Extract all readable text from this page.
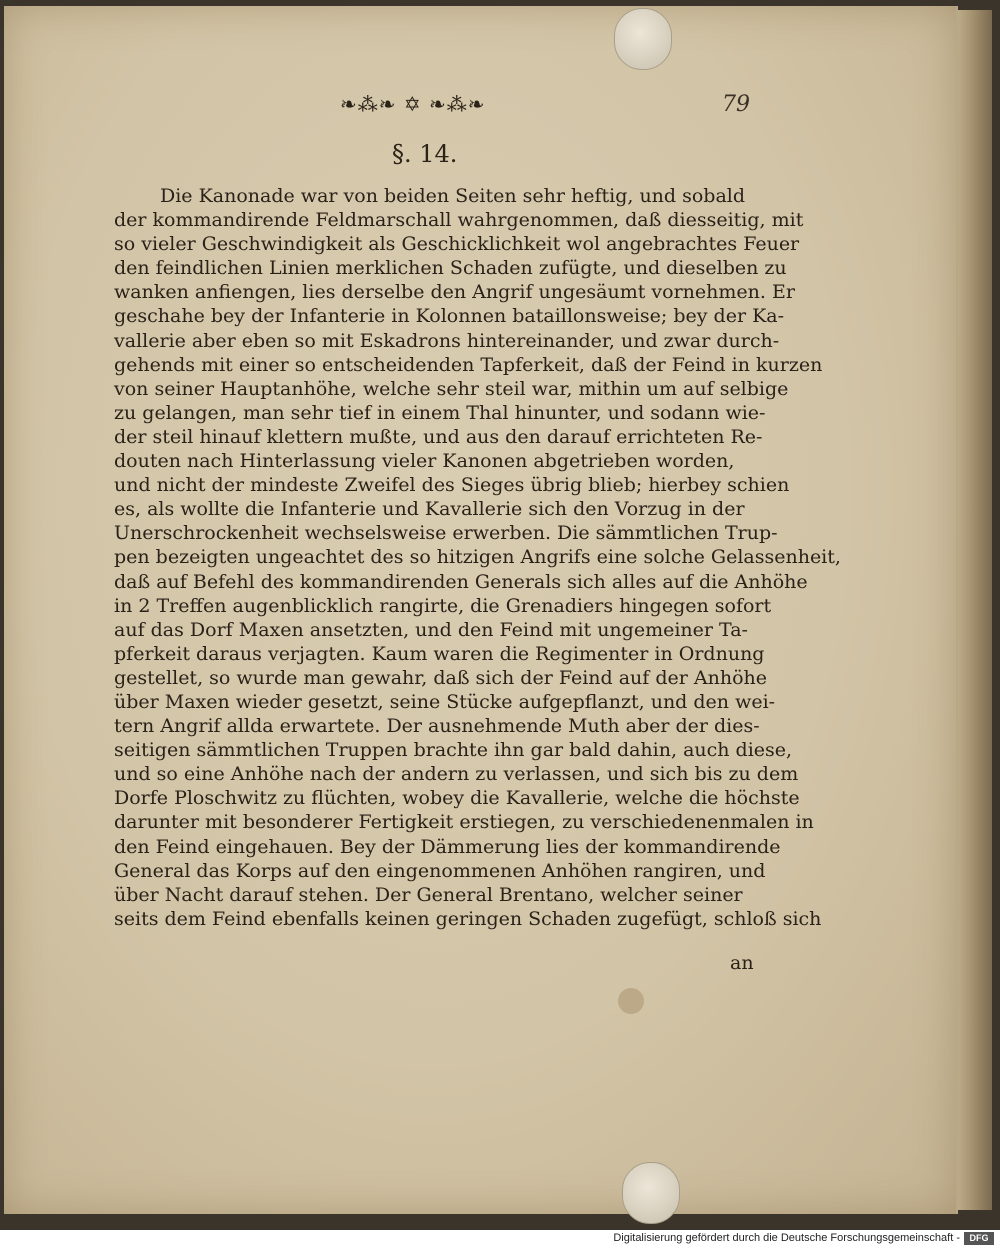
❧⁂❧ ✡ ❧⁂❧	79
§. 14.
Die Kanonade war von beiden Seiten sehr heftig, und sobald
der kommandirende Feldmarschall wahrgenommen, daß diesseitig, mit
so vieler Geschwindigkeit als Geschicklichkeit wol angebrachtes Feuer
den feindlichen Linien merklichen Schaden zufügte, und dieselben zu
wanken anfiengen, lies derselbe den Angrif ungesäumt vornehmen. Er
geschahe bey der Infanterie in Kolonnen bataillonsweise; bey der Ka-
vallerie aber eben so mit Eskadrons hintereinander, und zwar durch-
gehends mit einer so entscheidenden Tapferkeit, daß der Feind in kurzen
von seiner Hauptanhöhe, welche sehr steil war, mithin um auf selbige
zu gelangen, man sehr tief in einem Thal hinunter, und sodann wie-
der steil hinauf klettern mußte, und aus den darauf errichteten Re-
douten nach Hinterlassung vieler Kanonen abgetrieben worden,
und nicht der mindeste Zweifel des Sieges übrig blieb; hierbey schien
es, als wollte die Infanterie und Kavallerie sich den Vorzug in der
Unerschrockenheit wechselsweise erwerben. Die sämmtlichen Trup-
pen bezeigten ungeachtet des so hitzigen Angrifs eine solche Gelassenheit,
daß auf Befehl des kommandirenden Generals sich alles auf die Anhöhe
in 2 Treffen augenblicklich rangirte, die Grenadiers hingegen sofort
auf das Dorf Maxen ansetzten, und den Feind mit ungemeiner Ta-
pferkeit daraus verjagten. Kaum waren die Regimenter in Ordnung
gestellet, so wurde man gewahr, daß sich der Feind auf der Anhöhe
über Maxen wieder gesetzt, seine Stücke aufgepflanzt, und den wei-
tern Angrif allda erwartete. Der ausnehmende Muth aber der dies-
seitigen sämmtlichen Truppen brachte ihn gar bald dahin, auch diese,
und so eine Anhöhe nach der andern zu verlassen, und sich bis zu dem
Dorfe Ploschwitz zu flüchten, wobey die Kavallerie, welche die höchste
darunter mit besonderer Fertigkeit erstiegen, zu verschiedenenmalen in
den Feind eingehauen. Bey der Dämmerung lies der kommandirende
General das Korps auf den eingenommenen Anhöhen rangiren, und
über Nacht darauf stehen. Der General Brentano, welcher seiner
seits dem Feind ebenfalls keinen geringen Schaden zugefügt, schloß sich
an
Digitalisierung gefördert durch die Deutsche Forschungsgemeinschaft -	DFG
